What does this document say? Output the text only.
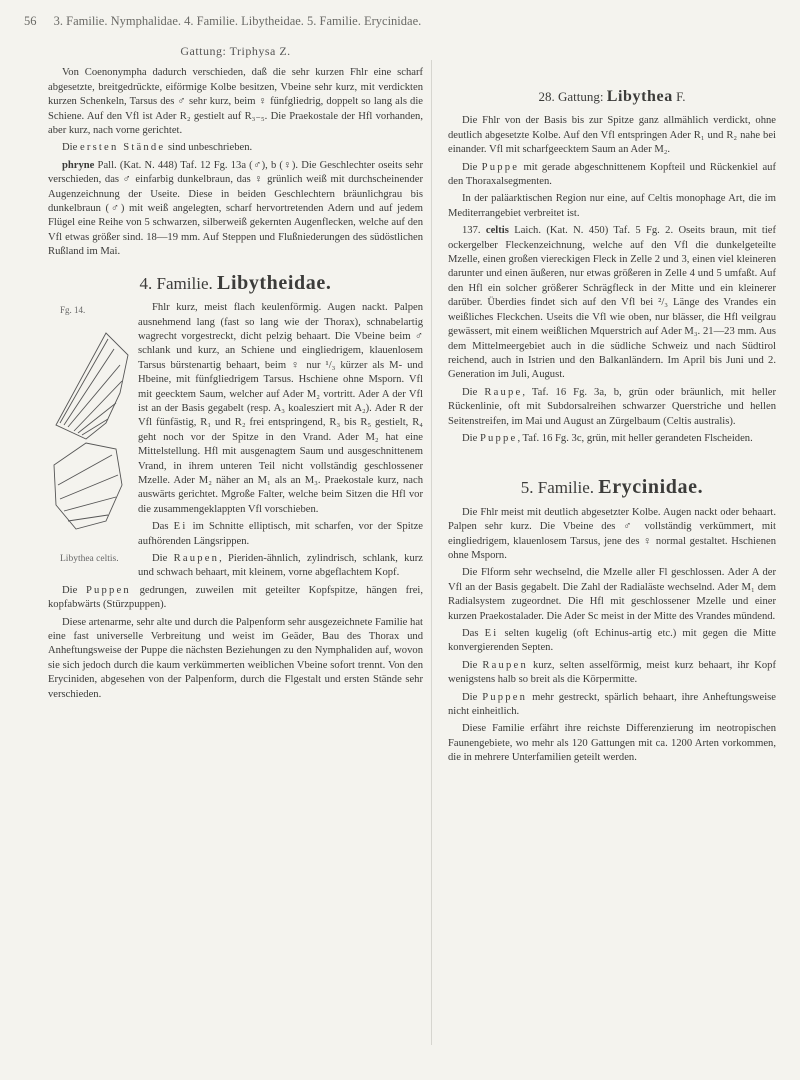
56 3. Familie. Nymphalidae. 4. Familie. Libytheidae. 5. Familie. Erycinidae.
Gattung: Triphysa Z.

Von Coenonympha dadurch verschieden, daß die sehr kurzen Fhlr eine scharf abgesetzte, breitgedrückte, eiförmige Kolbe besitzen, Vbeine sehr kurz, mit verdickten kurzen Schenkeln, Tarsus des ♂ sehr kurz, beim ♀ fünfgliedrig, doppelt so lang als die Schiene. Auf den Vfl ist Ader R₂ gestielt auf R₃₋₅. Die Praekostale der Hfl vorhanden, aber kurz, nach vorne gerichtet.

Die ersten Stände sind unbeschrieben.

phryne Pall. (Kat. N. 448) Taf. 12 Fg. 13a (♂), b (♀). Die Geschlechter oseits sehr verschieden, das ♂ einfarbig dunkelbraun, das ♀ grünlich weiß mit durchscheinender Augenzeichnung der Useite. Diese in beiden Geschlechtern bräunlichgrau bis dunkelbraun (♂) mit weiß angelegten, scharf hervortretenden Adern und auf jedem Flügel eine Reihe von 5 schwarzen, silberweiß gekernten Augenflecken, welche auf den Vfl etwas größer sind. 18—19 mm. Auf Steppen und Flußniederungen des südöstlichen Rußland im Mai.

4. Familie. Libytheidae.

Fg. 14.
Libythea celtis.
Fhlr kurz, meist flach keulenförmig. Augen nackt. Palpen ausnehmend lang (fast so lang wie der Thorax), schnabelartig wagrecht vorgestreckt, dicht pelzig behaart. Die Vbeine beim ♂ schlank und kurz, an Schiene und eingliedrigem, klauenlosem Tarsus bürstenartig behaart, beim ♀ nur ¹/₃ kürzer als M- und Hbeine, mit fünfgliedrigem Tarsus. Hschiene ohne Msporn. Vfl mit geecktem Saum, welcher auf Ader M₂ vortritt. Ader A der Vfl ist an der Basis gegabelt (resp. A₃ koalesziert mit A₂). Ader R der Vfl fünfästig, R₁ und R₂ frei entspringend, R₃ bis R₅ gestielt, R₄ geht noch vor der Spitze in den Vrand. Ader M₂ hat eine Mittelstellung. Hfl mit ausgenagtem Saum und ausgeschnittenem Vrand, in ihrem unteren Teil nicht vollständig geschlossener Mzelle. Ader M₂ näher an M₁ als an M₃. Praekostale kurz, nach auswärts gerichtet. Mgroße Falter, welche beim Sitzen die Hfl vor die zusammengeklappten Vfl vorschieben.

Das Ei im Schnitte elliptisch, mit scharfen, vor der Spitze aufhörenden Längsrippen.

Die Raupen, Pieriden-ähnlich, zylindrisch, schlank, kurz und schwach behaart, mit kleinem, vorne abgeflachtem Kopf.

Die Puppen gedrungen, zuweilen mit geteilter Kopfspitze, hängen frei, kopfabwärts (Stürzpuppen).

Diese artenarme, sehr alte und durch die Palpenform sehr ausgezeichnete Familie hat eine fast universelle Verbreitung und weist im Geäder, Bau des Thorax und Anheftungsweise der Puppe die nächsten Beziehungen zu den Nymphaliden auf, wovon sie sich jedoch durch die kaum verkümmerten weiblichen Vbeine sofort trennt. Von den Eryciniden, abgesehen von der Palpenform, durch die Flgestalt und ersten Stände sehr verschieden.

28. Gattung: Libythea F.

Die Fhlr von der Basis bis zur Spitze ganz allmählich verdickt, ohne deutlich abgesetzte Kolbe. Auf den Vfl entspringen Ader R₁ und R₂ nahe bei einander. Vfl mit scharfgeecktem Saum an Ader M₂.

Die Puppe mit gerade abgeschnittenem Kopfteil und Rückenkiel auf den Thoraxalsegmenten.

In der paläarktischen Region nur eine, auf Celtis monophage Art, die im Mediterrangebiet verbreitet ist.

137. celtis Laich. (Kat. N. 450) Taf. 5 Fg. 2. Oseits braun, mit tief ockergelber Fleckenzeichnung, welche auf den Vfl die dunkelgeteilte Mzelle, einen großen viereckigen Fleck in Zelle 2 und 3, einen viel kleineren darunter und einen äußeren, nur etwas größeren in Zelle 4 und 5 umfaßt. Auf den Hfl ein solcher größerer Schrägfleck in der Mitte und ein kleinerer darüber. Überdies findet sich auf den Vfl bei ²/₃ Länge des Vrandes ein weißliches Fleckchen. Useits die Vfl wie oben, nur blässer, die Hfl veilgrau gewässert, mit einem weißlichen Mquerstrich auf Ader M₃. 21—23 mm. Aus dem Mittelmeergebiet auch in die südliche Schweiz und nach Südtirol reichend, auch in Istrien und den Balkanländern. Im April bis Juni und 2. Generation im Juli, August.

Die Raupe, Taf. 16 Fg. 3a, b, grün oder bräunlich, mit heller Rückenlinie, oft mit Subdorsalreihen schwarzer Querstriche und hellen Seitenstreifen, im Mai und August an Zürgelbaum (Celtis australis).

Die Puppe, Taf. 16 Fg. 3c, grün, mit heller gerandeten Flscheiden.

5. Familie. Erycinidae.

Die Fhlr meist mit deutlich abgesetzter Kolbe. Augen nackt oder behaart. Palpen sehr kurz. Die Vbeine des ♂ vollständig verkümmert, mit eingliedrigem, klauenlosem Tarsus, jene des ♀ normal gestaltet. Hschienen ohne Msporn.

Die Flform sehr wechselnd, die Mzelle aller Fl geschlossen. Ader A der Vfl an der Basis gegabelt. Die Zahl der Radialäste wechselnd. Ader M₁ dem Radialsystem zugeordnet. Die Hfl mit geschlossener Mzelle und einer kurzen Praekostalader. Die Ader Sc meist in der Mitte des Vrandes mündend.

Das Ei selten kugelig (oft Echinus-artig etc.) mit gegen die Mitte konvergierenden Septen.

Die Raupen kurz, selten asselförmig, meist kurz behaart, ihr Kopf wenigstens halb so breit als die Körpermitte.

Die Puppen mehr gestreckt, spärlich behaart, ihre Anheftungsweise nicht einheitlich.

Diese Familie erfährt ihre reichste Differenzierung im neotropischen Faunengebiete, wo mehr als 120 Gattungen mit ca. 1200 Arten vorkommen, die in mehrere Unterfamilien geteilt werden.
